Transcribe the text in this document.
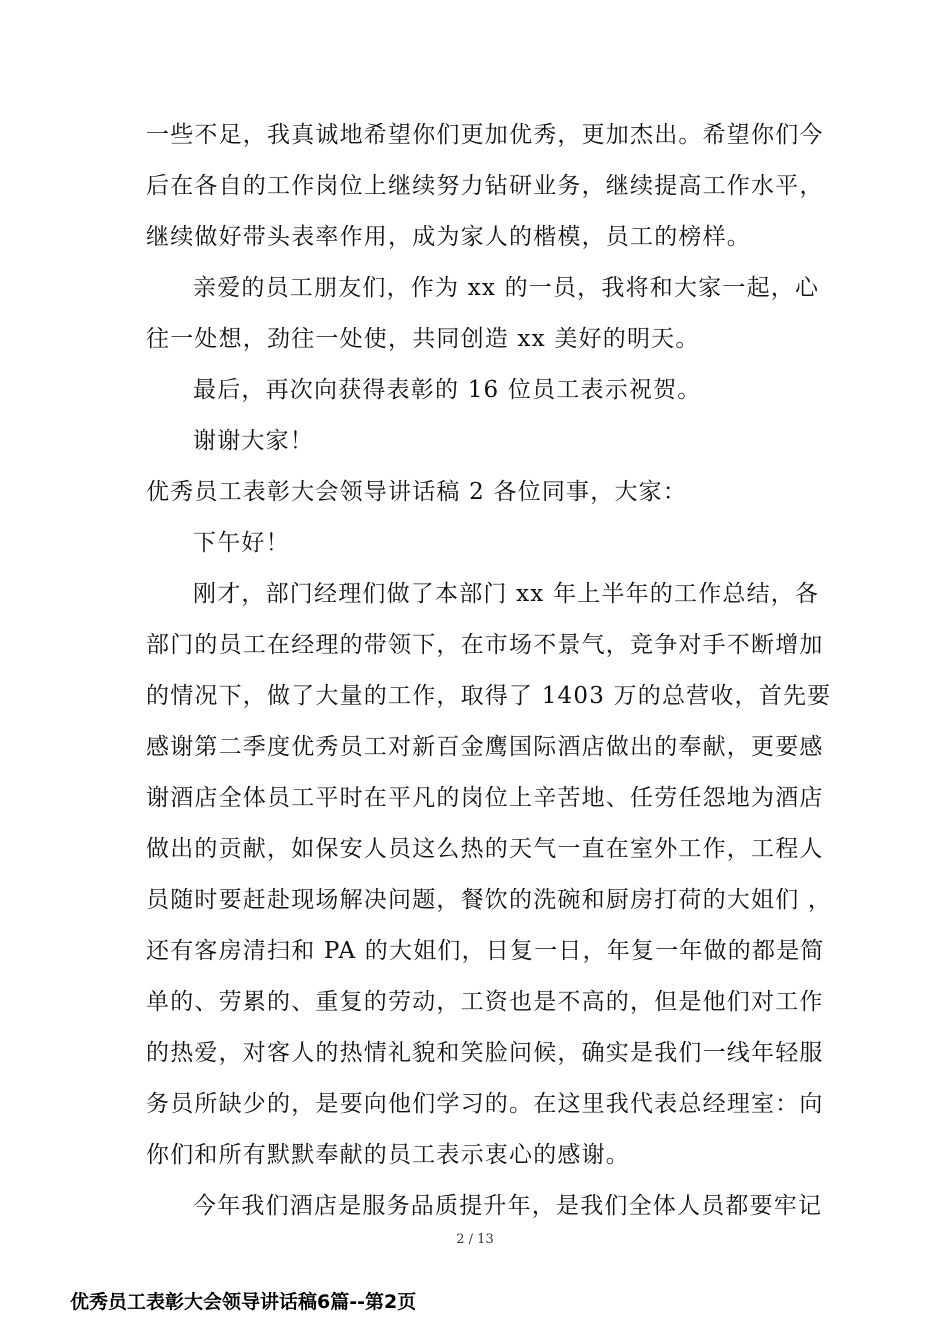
一些不足，我真诚地希望你们更加优秀，更加杰出。希望你们今
后在各自的工作岗位上继续努力钻研业务，继续提高工作水平，
继续做好带头表率作用，成为家人的楷模，员工的榜样。
亲爱的员工朋友们，作为 xx 的一员，我将和大家一起，心
往一处想，劲往一处使，共同创造 xx 美好的明天。
最后，再次向获得表彰的 16 位员工表示祝贺。
谢谢大家！
优秀员工表彰大会领导讲话稿 2 各位同事，大家：
下午好！
刚才，部门经理们做了本部门 xx 年上半年的工作总结，各
部门的员工在经理的带领下，在市场不景气，竞争对手不断增加
的情况下，做了大量的工作，取得了 1403 万的总营收，首先要
感谢第二季度优秀员工对新百金鹰国际酒店做出的奉献，更要感
谢酒店全体员工平时在平凡的岗位上辛苦地、任劳任怨地为酒店
做出的贡献，如保安人员这么热的天气一直在室外工作，工程人
员随时要赶赴现场解决问题，餐饮的洗碗和厨房打荷的大姐们 ，
还有客房清扫和 PA 的大姐们，日复一日，年复一年做的都是简
单的、劳累的、重复的劳动，工资也是不高的，但是他们对工作
的热爱，对客人的热情礼貌和笑脸问候，确实是我们一线年轻服
务员所缺少的，是要向他们学习的。在这里我代表总经理室：向
你们和所有默默奉献的员工表示衷心的感谢。
今年我们酒店是服务品质提升年，是我们全体人员都要牢记
2 / 13
优秀员工表彰大会领导讲话稿6篇--第2页
